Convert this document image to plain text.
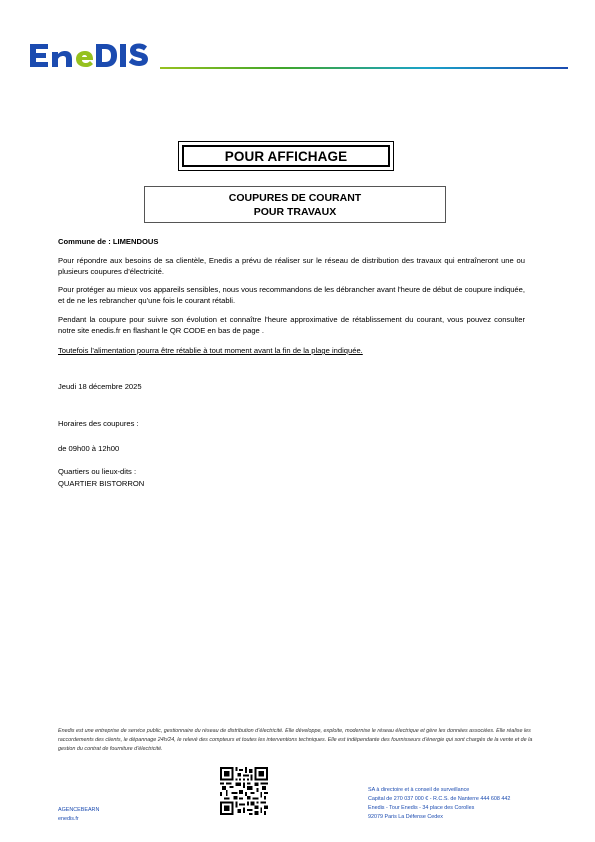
POUR AFFICHAGE
COUPURES DE COURANT
POUR TRAVAUX
Commune de : LIMENDOUS
Pour répondre aux besoins de sa clientèle, Enedis a prévu de réaliser sur le réseau de distribution des travaux qui entraîneront une ou plusieurs coupures d’électricité.
Pour protéger au mieux vos appareils sensibles, nous vous recommandons de les débrancher avant l'heure de début de coupure indiquée, et de ne les rebrancher qu'une fois le courant rétabli.
Pendant la coupure pour suivre son évolution et connaître l'heure approximative de rétablissement du courant, vous pouvez consulter notre site enedis.fr en flashant le QR CODE en bas de page .
Toutefois l’alimentation pourra être rétablie à tout moment avant la fin de la plage indiquée.
Jeudi 18 décembre 2025
Horaires des coupures :
de 09h00 à 12h00
Quartiers ou lieux-dits :
QUARTIER BISTORRON
Enedis est une entreprise de service public, gestionnaire du réseau de distribution d’électricité. Elle développe, exploite, modernise le réseau électrique et gère les données associées. Elle réalise les raccordements des clients, le dépannage 24h/24, le relevé des compteurs et toutes les interventions techniques. Elle est indépendante des fournisseurs d’énergie qui sont chargés de la vente et de la gestion du contrat de fourniture d’électricité.
AGENCEBEARN
enedis.fr
SA à directoire et à conseil de surveillance
Capital de 270 037 000 € - R.C.S. de Nanterre 444 608 442
Enedis - Tour Enedis - 34 place des Corolles
92079 Paris La Défense Cedex
